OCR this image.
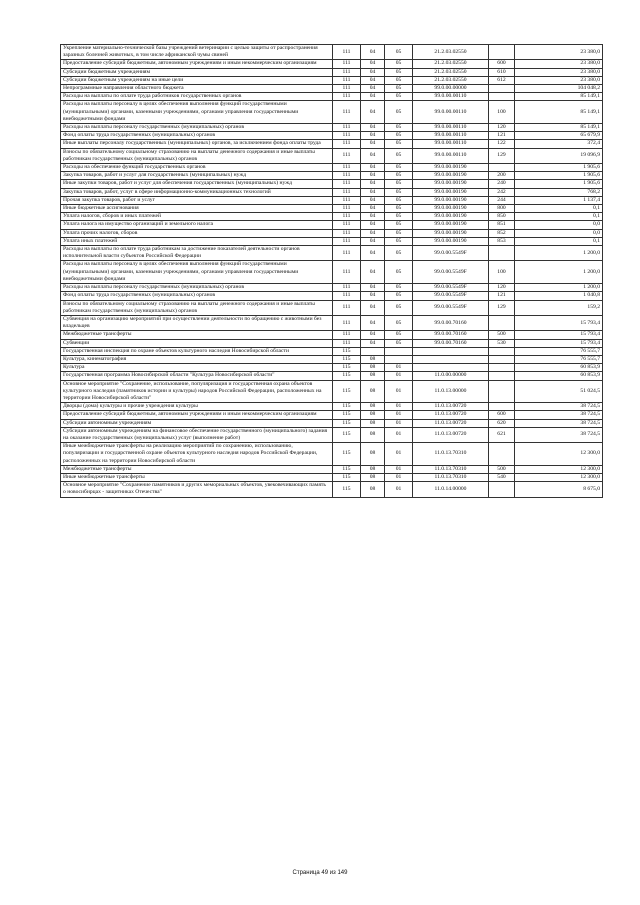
Укрепление материально-технической базы учреждений ветеринарии с целью защиты от распространения заразных болезней животных, в том числе африканской чумы свиней	111	04	05	21.2.03.02550		23 380,0
Предоставление субсидий бюджетным, автономным учреждениям и иным некоммерческим организациям	111	04	05	21.2.03.02550	600	23 380,0
Субсидии бюджетным учреждениям	111	04	05	21.2.03.02550	610	23 380,0
Субсидии бюджетным учреждениям на иные цели	111	04	05	21.2.03.02550	612	23 380,0
Непрограммные направления областного бюджета	111	04	05	99.0.00.00000		104 048,2
Расходы на выплаты по оплате труда работников государственных органов	111	04	05	99.0.00.00110		85 149,1
Расходы на выплаты персоналу в целях обеспечения выполнения функций государственными (муниципальными) органами, казенными учреждениями, органами управления государственными внебюджетными фондами	111	04	05	99.0.00.00110	100	85 149,1
Расходы на выплаты персоналу государственных (муниципальных) органов	111	04	05	99.0.00.00110	120	85 149,1
Фонд оплаты труда государственных (муниципальных) органов	111	04	05	99.0.00.00110	121	65 679,9
Иные выплаты персоналу государственных (муниципальных) органов, за исключением фонда оплаты труда	111	04	05	99.0.00.00110	122	372,4
Взносы по обязательному социальному страхованию на выплаты денежного содержания и иные выплаты работникам государственных (муниципальных) органов	111	04	05	99.0.00.00110	129	19 096,9
Расходы на обеспечение функций государственных органов	111	04	05	99.0.00.00190		1 905,6
Закупка товаров, работ и услуг для государственных (муниципальных) нужд	111	04	05	99.0.00.00190	200	1 905,6
Иные закупки товаров, работ и услуг для обеспечения государственных (муниципальных) нужд	111	04	05	99.0.00.00190	240	1 905,6
Закупка товаров, работ, услуг в сфере информационно-коммуникационных технологий	111	04	05	99.0.00.00190	242	768,2
Прочая закупка товаров, работ и услуг	111	04	05	99.0.00.00190	244	1 137,4
Иные бюджетные ассигнования	111	04	05	99.0.00.00190	800	0,1
Уплата налогов, сборов и иных платежей	111	04	05	99.0.00.00190	850	0,1
Уплата налога на имущество организаций и земельного налога	111	04	05	99.0.00.00190	851	0,0
Уплата прочих налогов, сборов	111	04	05	99.0.00.00190	852	0,0
Уплата иных платежей	111	04	05	99.0.00.00190	853	0,1
Расходы на выплаты по оплате труда работникам за достижение показателей деятельности органов исполнительной власти субъектов Российской Федерации	111	04	05	99.0.00.5549F		1 200,0
Расходы на выплаты персоналу в целях обеспечения выполнения функций государственными (муниципальными) органами, казенными учреждениями, органами управления государственными внебюджетными фондами	111	04	05	99.0.00.5549F	100	1 200,0
Расходы на выплаты персоналу государственных (муниципальных) органов	111	04	05	99.0.00.5549F	120	1 200,0
Фонд оплаты труда государственных (муниципальных) органов	111	04	05	99.0.00.5549F	121	1 040,8
Взносы по обязательному социальному страхованию на выплаты денежного содержания и иные выплаты работникам государственных (муниципальных) органов	111	04	05	99.0.00.5549F	129	159,2
Субвенция на организацию мероприятий при осуществлении деятельности по обращению с животными без владельцев	111	04	05	99.0.00.70160		15 793,4
Межбюджетные трансферты	111	04	05	99.0.00.70160	500	15 793,4
Субвенции	111	04	05	99.0.00.70160	530	15 793,4
Государственная инспекция по охране объектов культурного наследия Новосибирской области	115					76 555,7
Культура, кинематография	115	08				76 555,7
Культура	115	08	01			60 853,9
Государственная программа Новосибирской области "Культура Новосибирской области"	115	08	01	11.0.00.00000		60 853,9
Основное мероприятие "Сохранение, использование, популяризация и государственная охрана объектов культурного наследия (памятников истории и культуры) народов Российской Федерации, расположенных на территории Новосибирской области"	115	08	01	11.0.13.00000		51 024,5
Дворцы (дома) культуры и прочие учреждения культуры	115	08	01	11.0.13.00720		38 724,5
Предоставление субсидий бюджетным, автономным учреждениям и иным некоммерческим организациям	115	08	01	11.0.13.00720	600	38 724,5
Субсидии автономным учреждениям	115	08	01	11.0.13.00720	620	38 724,5
Субсидии автономным учреждениям на финансовое обеспечение государственного (муниципального) задания на оказание государственных (муниципальных) услуг (выполнение работ)	115	08	01	11.0.13.00720	621	38 724,5
Иные межбюджетные трансферты на реализацию мероприятий по сохранению, использованию, популяризации и государственной охране объектов культурного наследия народов Российской Федерации, расположенных на территории Новосибирской области	115	08	01	11.0.13.70310		12 300,0
Межбюджетные трансферты	115	08	01	11.0.13.70310	500	12 300,0
Иные межбюджетные трансферты	115	08	01	11.0.13.70310	540	12 300,0
Основное мероприятие "Сохранение памятников и других мемориальных объектов, увековечивающих память о новосибирцах - защитниках Отечества"	115	08	01	11.0.14.00000		8 675,0
Страница 49 из 149
